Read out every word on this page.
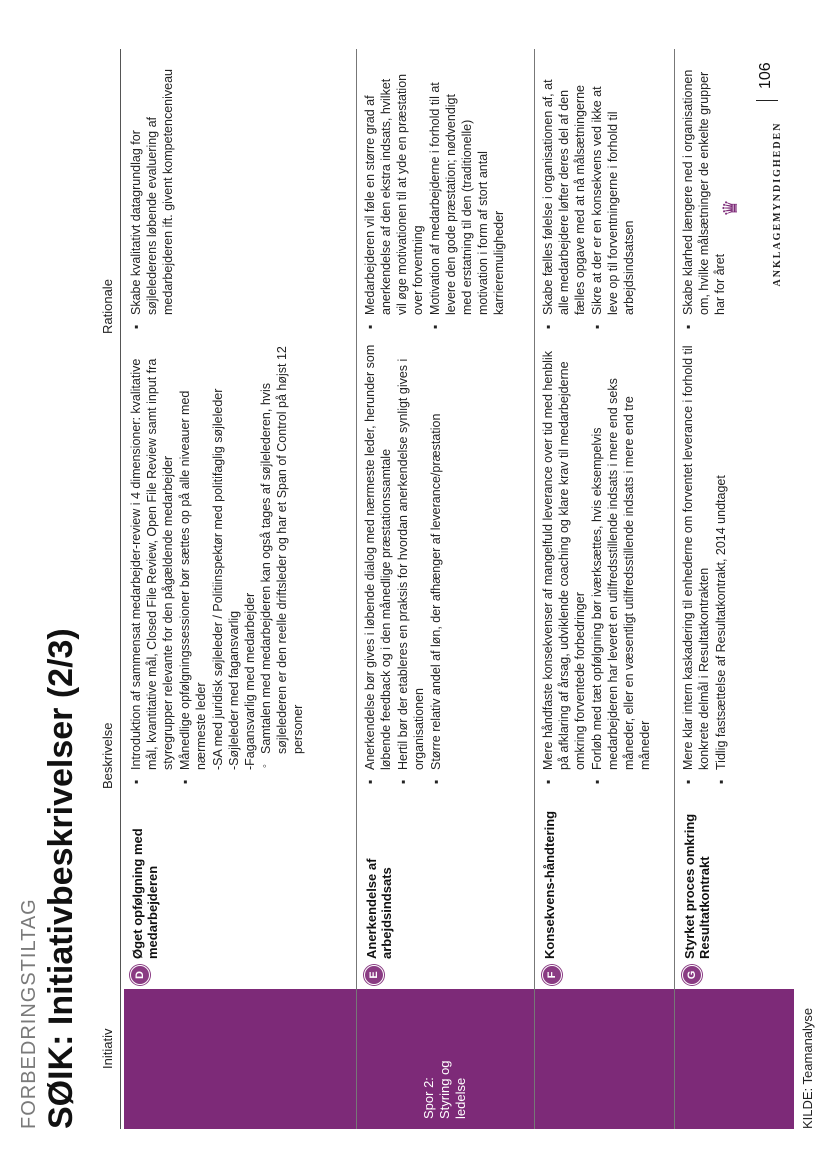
FORBEDRINGSTILTAG SØIK: Initiativbeskrivelser (2/3) Initiativ
Beskrivelse
Rationale
Spor 2: Styring og ledelse
D
Øget opfølgning med medarbejderen
▪ Introduktion af sammensat medarbejder-review i 4 dimensioner: kvalitative mål, kvantitative mål, Closed File Review, Open File Review samt input fra styregrupper relevante for den pågældende medarbejder ▪ Månedlige opfølgningssessioner bør sættes op på alle niveauer med nærmeste leder -SA med juridisk søjleleder / Politiinspektør med politifaglig søjleleder -Søjleleder med fagansvarlig -Fagansvarlig med medarbejder ◦ Samtalen med medarbejderen kan også tages af søjlelederen, hvis søjlelederen er den reelle driftsleder og har et Span of Control på højst 12 personer
▪ Skabe kvalitativt datagrundlag for søjlelederens løbende evaluering af medarbejderen ift. givent kompetenceniveau
E
Anerkendelse af arbejdsindsats
▪ Anerkendelse bør gives i løbende dialog med nærmeste leder, herunder som løbende feedback og i den månedlige præstationssamtale ▪ Hertil bør der etableres en praksis for hvordan anerkendelse synligt gives i organisationen ▪ Større relativ andel af løn, der afhænger af leverance/præstation
▪ Medarbejderen vil føle en større grad af anerkendelse af den ekstra indsats, hvilket vil øge motivationen til at yde en præstation over forventning ▪ Motivation af medarbejderne i forhold til at levere den gode præstation; nødvendigt med erstatning til den (traditionelle) motivation i form af stort antal karrieremuligheder
F
Konsekvens-håndtering
▪ Mere håndfaste konsekvenser af mangelfuld leverance over tid med henblik på afklaring af årsag, udviklende coaching og klare krav til medarbejderne omkring forventede forbedringer ▪ Forløb med tæt opfølgning bør iværksættes, hvis eksempelvis medarbejderen har leveret en utilfredsstillende indsats i mere end seks måneder, eller en væsentligt utilfredsstillende indsats i mere end tre måneder
▪ Skabe fælles følelse i organisationen af, at alle medarbejdere løfter deres del af den fælles opgave med at nå målsætningerne ▪ Sikre at der er en konsekvens ved ikke at leve op til forventningerne i forhold til arbejdsindsatsen
G
Styrket proces omkring Resultatkontrakt
▪ Mere klar intern kaskadering til enhederne om forventet leverance i forhold til konkrete delmål i Resultatkontrakten ▪ Tidlig fastsættelse af Resultatkontrakt, 2014 undtaget
▪ Skabe klarhed længere ned i organisationen om, hvilke målsætninger de enkelte grupper har for året
KILDE: Teamanalyse
♛	ANKLAGEMYNDIGHEDEN
106
